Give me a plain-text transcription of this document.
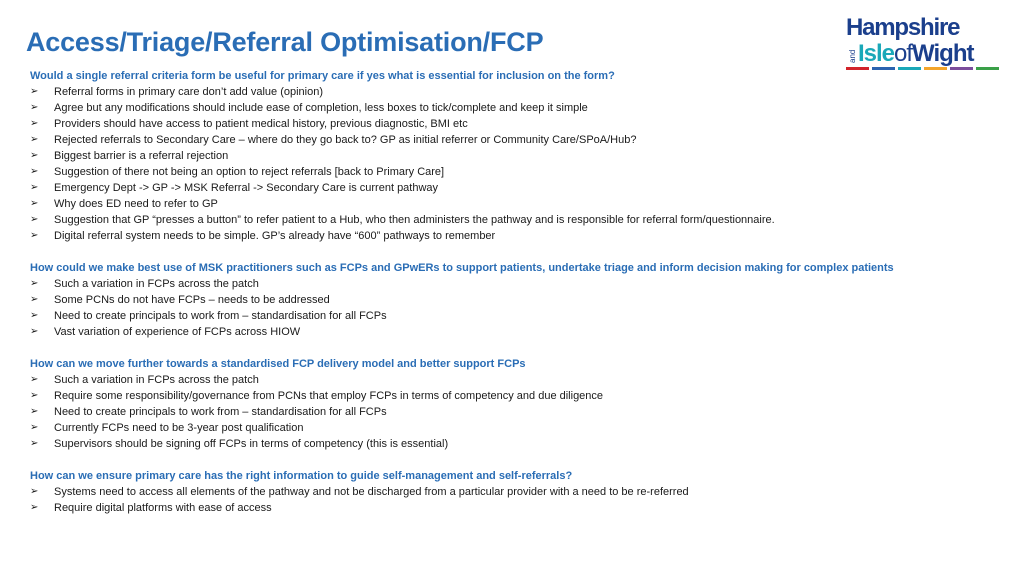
Access/Triage/Referral Optimisation/FCP	Hampshire
and IsleofWight
Would a single referral criteria form be useful for primary care if yes what is essential for inclusion on the form?
➢ Referral forms in primary care don’t add value (opinion)
➢ Agree but any modifications should include ease of completion, less boxes to tick/complete and keep it simple
➢ Providers should have access to patient medical history, previous diagnostic, BMI etc
➢ Rejected referrals to Secondary Care – where do they go back to? GP as initial referrer or Community Care/SPoA/Hub?
➢ Biggest barrier is a referral rejection
➢ Suggestion of there not being an option to reject referrals [back to Primary Care]
➢ Emergency Dept -> GP -> MSK Referral -> Secondary Care is current pathway
➢ Why does ED need to refer to GP
➢ Suggestion that GP “presses a button” to refer patient to a Hub, who then administers the pathway and is responsible for referral form/questionnaire.
➢ Digital referral system needs to be simple. GP’s already have “600” pathways to remember
How could we make best use of MSK practitioners such as FCPs and GPwERs to support patients, undertake triage and inform decision making for complex patients
➢ Such a variation in FCPs across the patch
➢ Some PCNs do not have FCPs – needs to be addressed
➢ Need to create principals to work from – standardisation for all FCPs
➢ Vast variation of experience of FCPs across HIOW
How can we move further towards a standardised FCP delivery model and better support FCPs
➢ Such a variation in FCPs across the patch
➢ Require some responsibility/governance from PCNs that employ FCPs in terms of competency and due diligence
➢ Need to create principals to work from – standardisation for all FCPs
➢ Currently FCPs need to be 3-year post qualification
➢ Supervisors should be signing off FCPs in terms of competency (this is essential)
How can we ensure primary care has the right information to guide self-management and self-referrals?
➢ Systems need to access all elements of the pathway and not be discharged from a particular provider with a need to be re-referred
➢ Require digital platforms with ease of access
